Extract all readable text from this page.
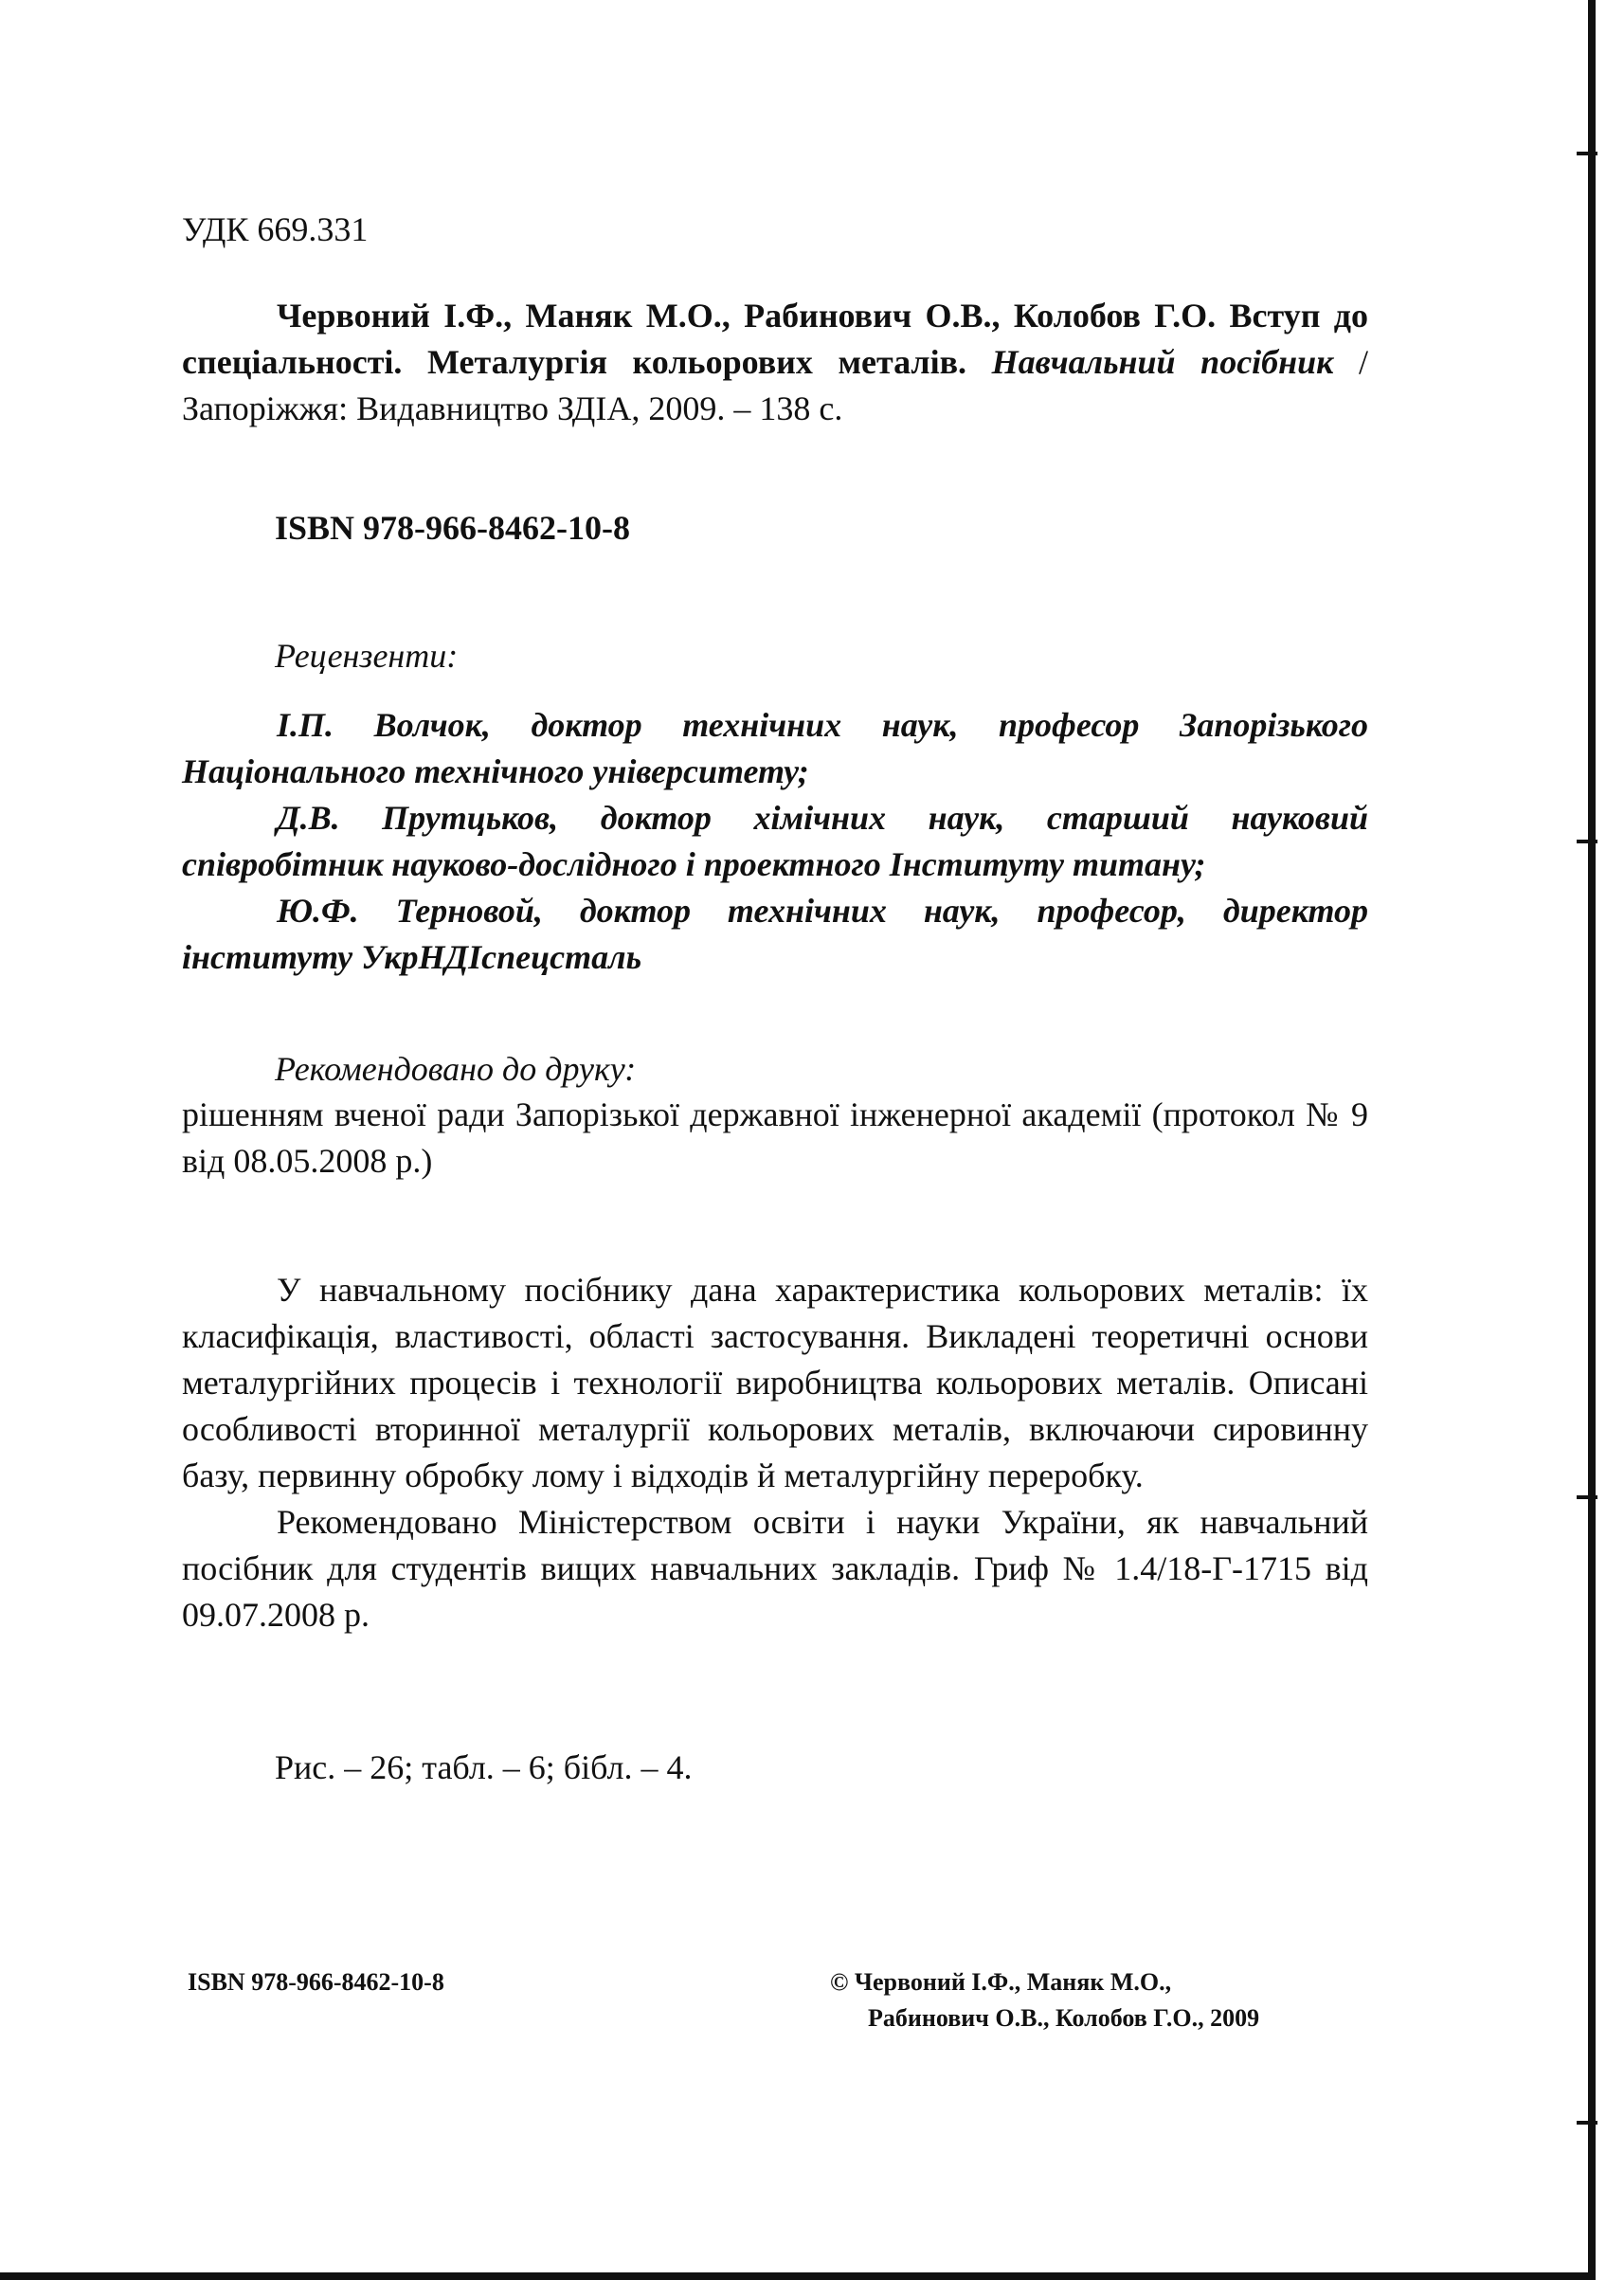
УДК 669.331
Червоний І.Ф., Маняк М.О., Рабинович О.В., Колобов Г.О. Вступ до спеціальності. Металургія кольорових металів. Навчальний посібник / Запоріжжя: Видавництво ЗДІА, 2009. – 138 с.
ISBN 978-966-8462-10-8
Рецензенти:
І.П. Волчок, доктор технічних наук, професор Запорізького Національного технічного університету;
Д.В. Прутцьков, доктор хімічних наук, старший науковий співробітник науково-дослідного і проектного Інституту титану;
Ю.Ф. Терновой, доктор технічних наук, професор, директор інституту УкрНДІспецсталь
Рекомендовано до друку:
рішенням вченої ради Запорізької державної інженерної академії (протокол № 9 від 08.05.2008 р.)
У навчальному посібнику дана характеристика кольорових металів: їх класифікація, властивості, області застосування. Викладені теоретичні основи металургійних процесів і технології виробництва кольорових металів. Описані особливості вторинної металургії кольорових металів, включаючи сировинну базу, первинну обробку лому і відходів й металургійну переробку.
Рекомендовано Міністерством освіти і науки України, як навчальний посібник для студентів вищих навчальних закладів. Гриф № 1.4/18-Г-1715 від 09.07.2008 р.
Рис. – 26; табл. – 6; бібл. – 4.
ISBN 978-966-8462-10-8	© Червоний І.Ф., Маняк М.О.,
Рабинович О.В., Колобов Г.О., 2009
